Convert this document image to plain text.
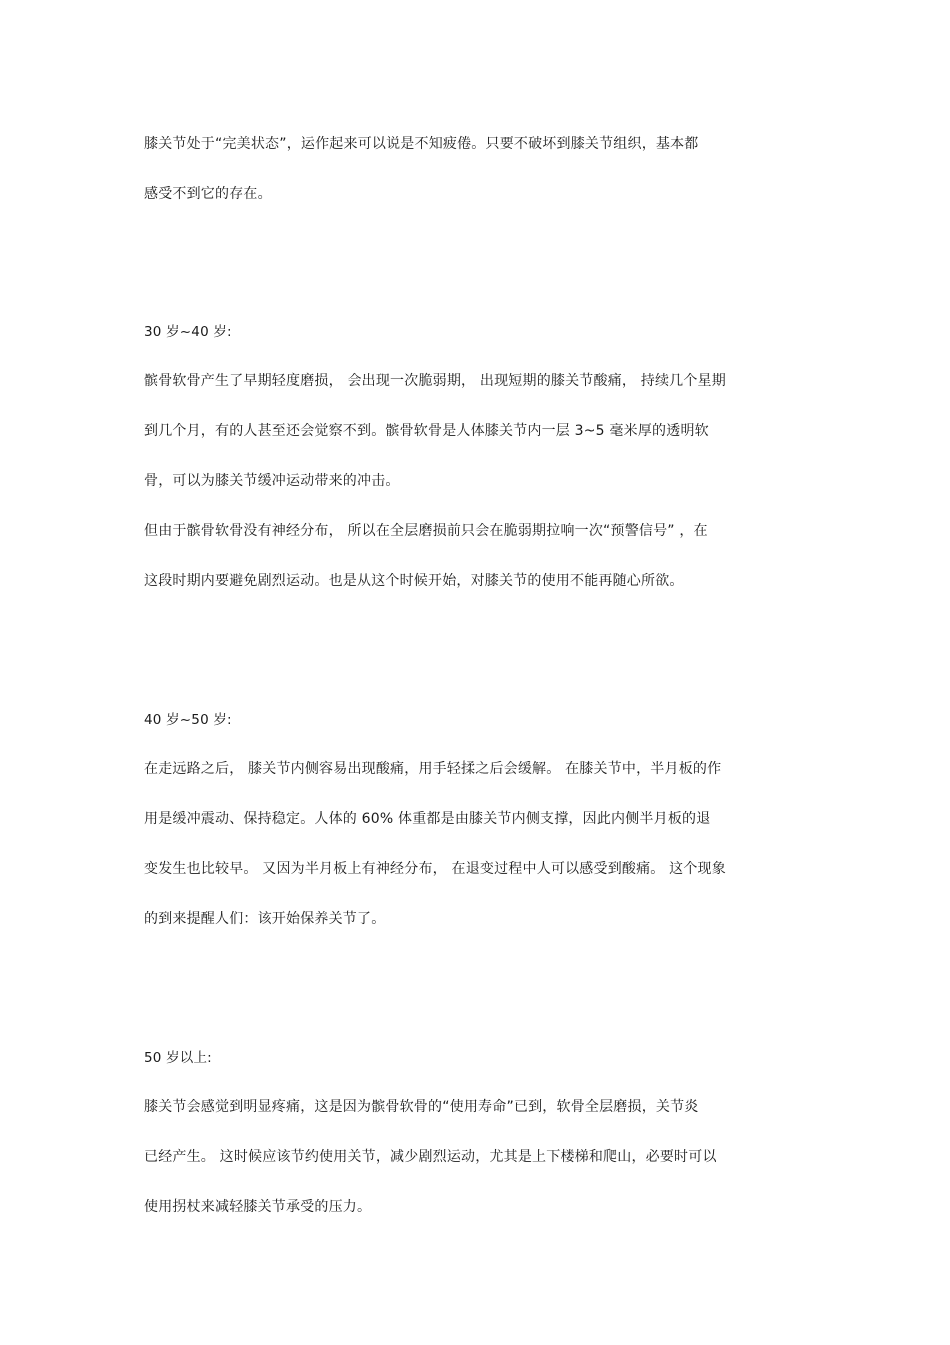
膝关节处于“完美状态”，运作起来可以说是不知疲倦。只要不破坏到膝关节组织，基本都
感受不到它的存在。
30 岁~40 岁:
髌骨软骨产生了早期轻度磨损， 会出现一次脆弱期， 出现短期的膝关节酸痛， 持续几个星期
到几个月，有的人甚至还会觉察不到。髌骨软骨是人体膝关节内一层 3~5 毫米厚的透明软
骨，可以为膝关节缓冲运动带来的冲击。
但由于髌骨软骨没有神经分布， 所以在全层磨损前只会在脆弱期拉响一次“预警信号” ，在
这段时期内要避免剧烈运动。也是从这个时候开始，对膝关节的使用不能再随心所欲。
40 岁~50 岁:
在走远路之后， 膝关节内侧容易出现酸痛，用手轻揉之后会缓解。 在膝关节中，半月板的作
用是缓冲震动、保持稳定。人体的 60% 体重都是由膝关节内侧支撑，因此内侧半月板的退
变发生也比较早。 又因为半月板上有神经分布， 在退变过程中人可以感受到酸痛。 这个现象
的到来提醒人们：该开始保养关节了。
50 岁以上:
膝关节会感觉到明显疼痛，这是因为髌骨软骨的“使用寿命”已到，软骨全层磨损，关节炎
已经产生。 这时候应该节约使用关节，减少剧烈运动，尤其是上下楼梯和爬山，必要时可以
使用拐杖来减轻膝关节承受的压力。
